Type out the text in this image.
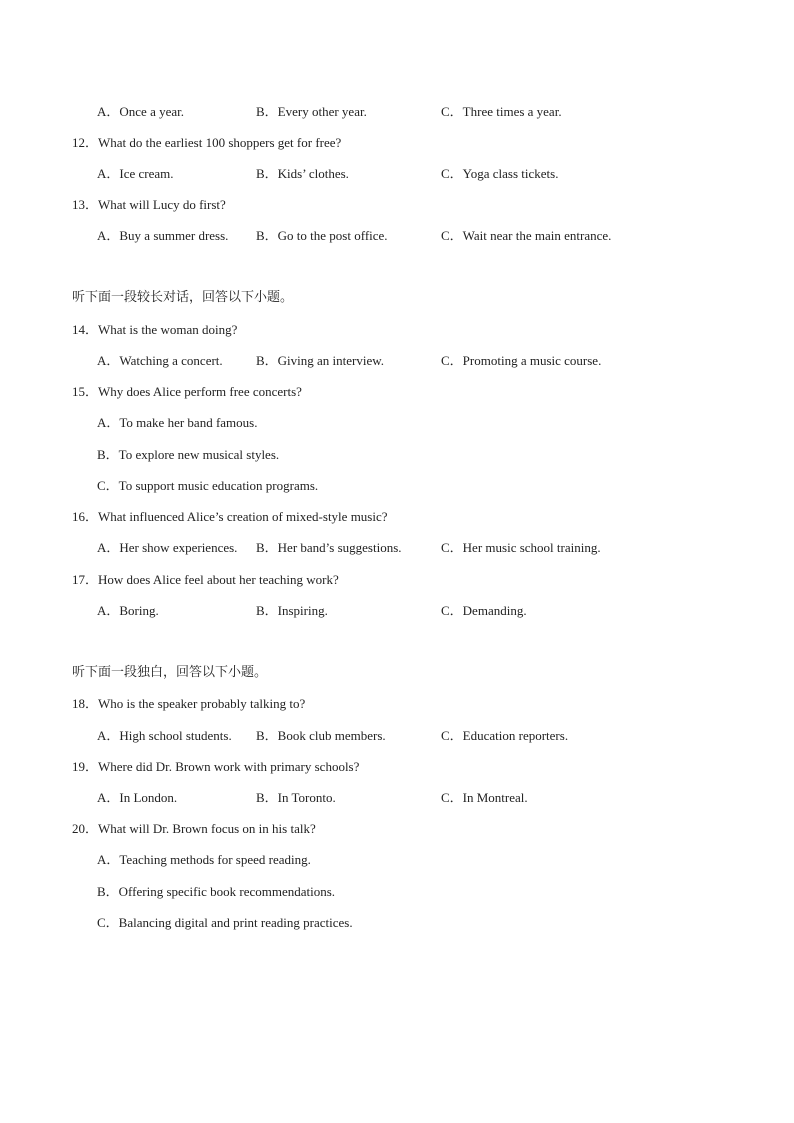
A．Once a year.	B．Every other year.	C．Three times a year.
12．What do the earliest 100 shoppers get for free?
A．Ice cream.	B．Kids’ clothes.	C．Yoga class tickets.
13．What will Lucy do first?
A．Buy a summer dress. B．Go to the post office.	C．Wait near the main entrance.
听下面一段较长对话，回答以下小题。
14．What is the woman doing?
A．Watching a concert.	B．Giving an interview.	C．Promoting a music course.
15．Why does Alice perform free concerts?
A．To make her band famous.
B．To explore new musical styles.
C．To support music education programs.
16．What influenced Alice’s creation of mixed-style music?
A．Her show experiences. B．Her band’s suggestions.	C．Her music school training.
17．How does Alice feel about her teaching work?
A．Boring.	B．Inspiring.	C．Demanding.
听下面一段独白，回答以下小题。
18．Who is the speaker probably talking to?
A．High school students. B．Book club members.	C．Education reporters.
19．Where did Dr. Brown work with primary schools?
A．In London.	B．In Toronto.	C．In Montreal.
20．What will Dr. Brown focus on in his talk?
A．Teaching methods for speed reading.
B．Offering specific book recommendations.
C．Balancing digital and print reading practices.
